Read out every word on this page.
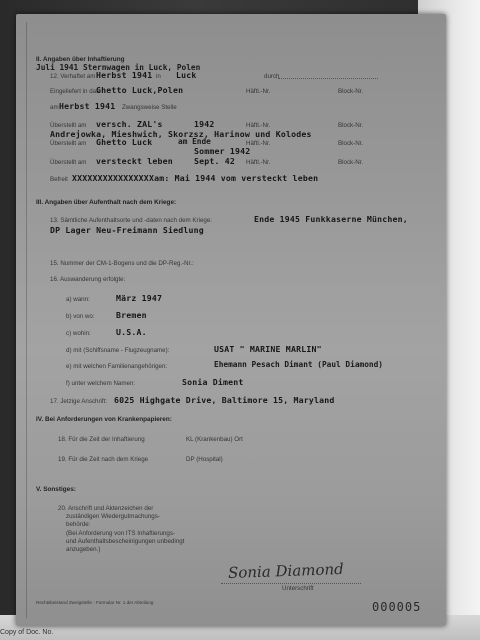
Copy of Doc. No.
II. Angaben über Inhaftierung
Juli 1941 Sternwagen in Luck, Polen
12. Verhaftet am Herbst 1941 in Luck	durch
Eingeliefert in das
Ghetto Luck,Polen	Häftl.-Nr.	Block-Nr.
am Herbst 1941 Zwangsweise Stelle
Überstellt am versch. ZAL's	1942	Häftl.-Nr.	Block-Nr.
Andrejowka, Mieshwich, Skorzsz, Harinow und Kolodes
Überstellt am Ghetto Luck	am Ende	Häftl.-Nr.	Block-Nr.
Sommer 1942
Überstellt am versteckt leben	Sept. 42 Häftl.-Nr.	Block-Nr.
Befreit XXXXXXXXXXXXXXXXam: Mai 1944 vom versteckt leben
III. Angaben über Aufenthalt nach dem Kriege:
13. Sämtliche Aufenthaltsorte und -daten nach dem Kriege:	Ende 1945 Funkkaserne München,
DP Lager Neu-Freimann Siedlung
15. Nummer der CM-1-Bogens und die DP-Reg.-Nr.:
16. Auswanderung erfolgte:
a) wann:	März 1947
b) von wo:	Bremen
c) wohin:	U.S.A.
d) mit (Schiffsname - Flugzeugname):	USAT " MARINE MARLIN"
e) mit welchen Familienangehörigen:	Ehemann Pesach Dimant (Paul Diamond)
f) unter welchem Namen:	Sonia Diment
17. Jetzige Anschrift: 6025 Highgate Drive, Baltimore 15, Maryland
IV. Bei Anforderungen von Krankenpapieren:
18. Für die Zeit der Inhaftierung	KL (Krankenbau) Ort
19. Für die Zeit nach dem Kriege	DP (Hospital)
V. Sonstiges:
20. Anschrift und Aktenzeichen der
zuständigen Wiedergutmachungs-
behörde:
(Bei Anforderung von ITS Inhaftierungs-
und Aufenthaltsbescheinigungen unbedingt
anzugeben.)
Sonia Diamond
Unterschrift
Rechtsbeistand Zweigstelle - Formular Nr. 1 der Abteilung	000005
